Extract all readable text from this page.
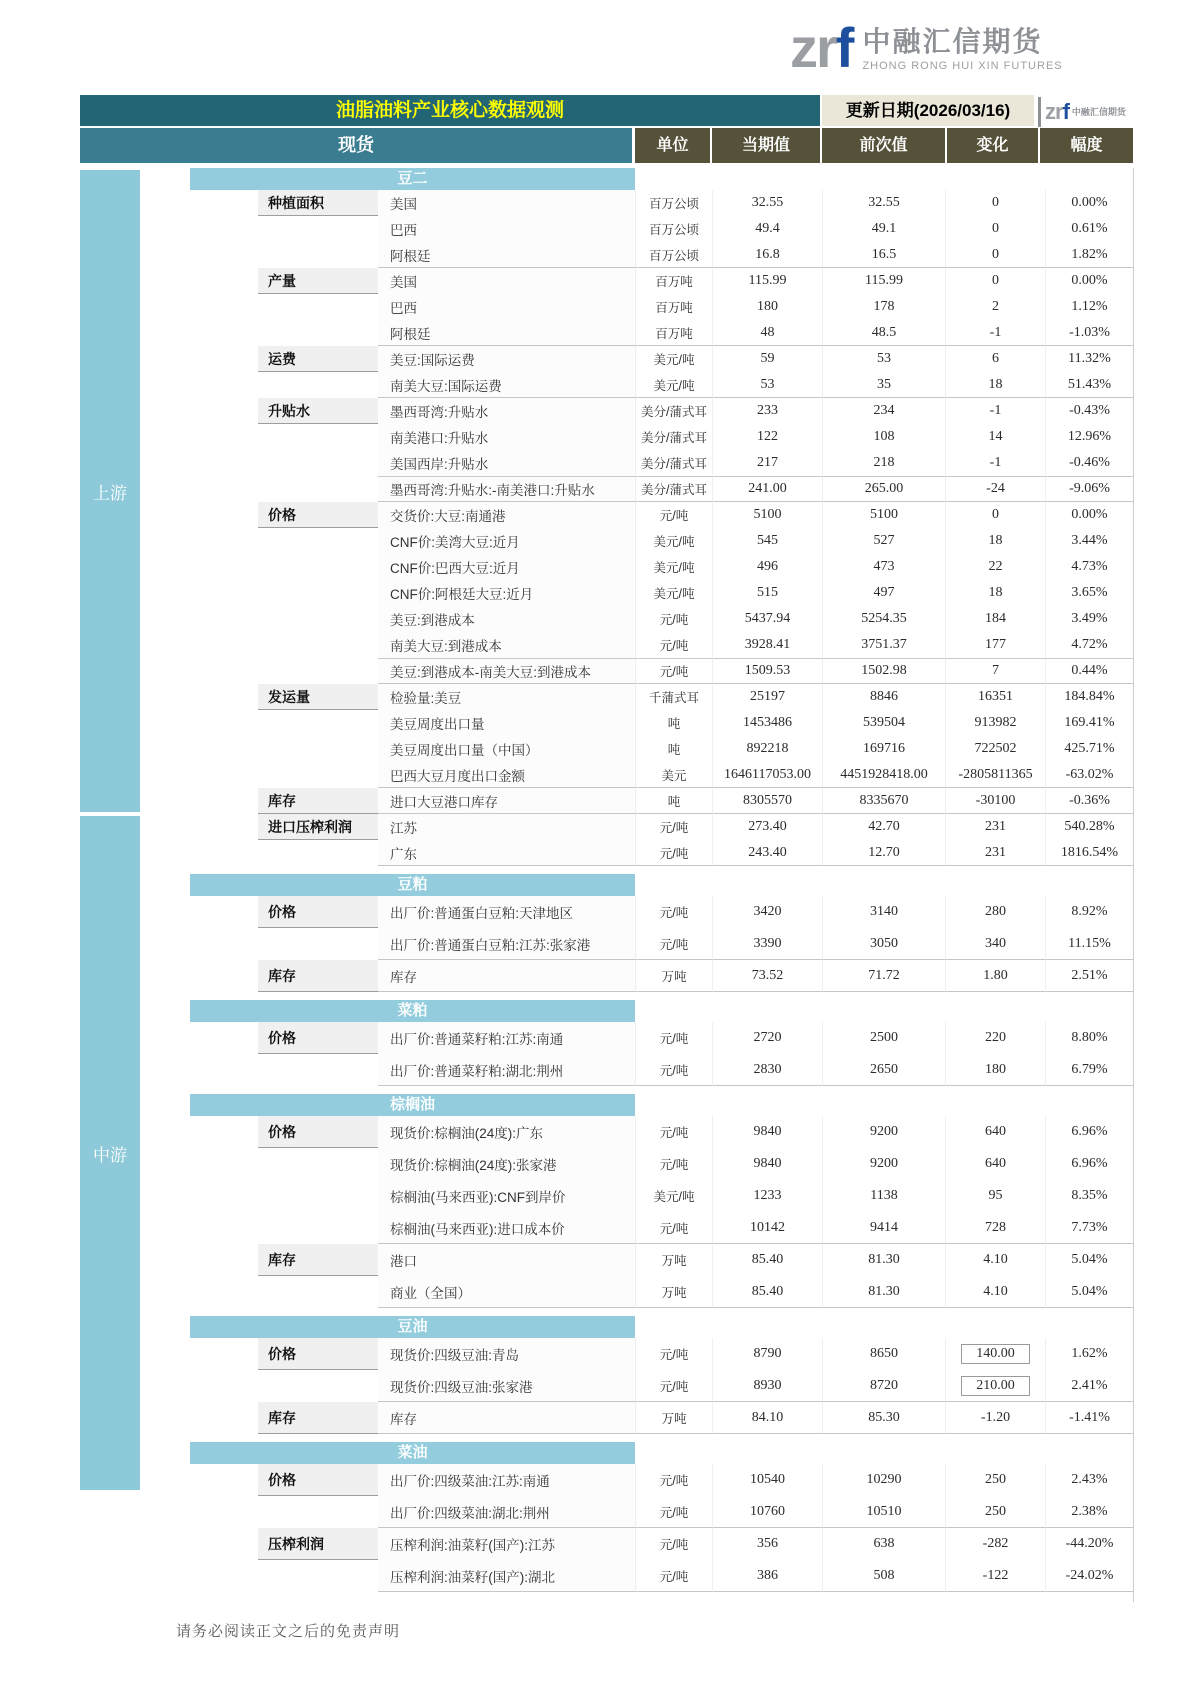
zrf 中融汇信期货
ZHONG RONG HUI XIN FUTURES
油脂油料产业核心数据观测	更新日期(2026/03/16)	zrf 中融汇信期货
现货	单位	当期值	前次值	变化	幅度
上游
中游
豆二
种植面积	美国	百万公顷	32.55	32.55	0	0.00%
巴西	百万公顷	49.4	49.1	0	0.61%
阿根廷	百万公顷	16.8	16.5	0	1.82%
产量	美国	百万吨	115.99	115.99	0	0.00%
巴西	百万吨	180	178	2	1.12%
阿根廷	百万吨	48	48.5	-1	-1.03%
运费	美豆:国际运费	美元/吨	59	53	6	11.32%
南美大豆:国际运费	美元/吨	53	35	18	51.43%
升贴水	墨西哥湾:升贴水	美分/蒲式耳	233	234	-1	-0.43%
南美港口:升贴水	美分/蒲式耳	122	108	14	12.96%
美国西岸:升贴水	美分/蒲式耳	217	218	-1	-0.46%
墨西哥湾:升贴水:-南美港口:升贴水	美分/蒲式耳	241.00	265.00	-24	-9.06%
价格	交货价:大豆:南通港	元/吨	5100	5100	0	0.00%
CNF价:美湾大豆:近月	美元/吨	545	527	18	3.44%
CNF价:巴西大豆:近月	美元/吨	496	473	22	4.73%
CNF价:阿根廷大豆:近月	美元/吨	515	497	18	3.65%
美豆:到港成本	元/吨	5437.94	5254.35	184	3.49%
南美大豆:到港成本	元/吨	3928.41	3751.37	177	4.72%
美豆:到港成本-南美大豆:到港成本	元/吨	1509.53	1502.98	7	0.44%
发运量	检验量:美豆	千蒲式耳	25197	8846	16351	184.84%
美豆周度出口量	吨	1453486	539504	913982	169.41%
美豆周度出口量（中国）	吨	892218	169716	722502	425.71%
巴西大豆月度出口金额	美元	1646117053.00	4451928418.00	-2805811365	-63.02%
库存	进口大豆港口库存	吨	8305570	8335670	-30100	-0.36%
进口压榨利润	江苏	元/吨	273.40	42.70	231	540.28%
广东	元/吨	243.40	12.70	231	1816.54%
豆粕
价格	出厂价:普通蛋白豆粕:天津地区	元/吨	3420	3140	280	8.92%
出厂价:普通蛋白豆粕:江苏:张家港	元/吨	3390	3050	340	11.15%
库存	库存	万吨	73.52	71.72	1.80	2.51%
菜粕
价格	出厂价:普通菜籽粕:江苏:南通	元/吨	2720	2500	220	8.80%
出厂价:普通菜籽粕:湖北:荆州	元/吨	2830	2650	180	6.79%
棕榈油
价格	现货价:棕榈油(24度):广东	元/吨	9840	9200	640	6.96%
现货价:棕榈油(24度):张家港	元/吨	9840	9200	640	6.96%
棕榈油(马来西亚):CNF到岸价	美元/吨	1233	1138	95	8.35%
棕榈油(马来西亚):进口成本价	元/吨	10142	9414	728	7.73%
库存	港口	万吨	85.40	81.30	4.10	5.04%
商业（全国）	万吨	85.40	81.30	4.10	5.04%
豆油
价格	现货价:四级豆油:青岛	元/吨	8790	8650	140.00	1.62%
现货价:四级豆油:张家港	元/吨	8930	8720	210.00	2.41%
库存	库存	万吨	84.10	85.30	-1.20	-1.41%
菜油
价格	出厂价:四级菜油:江苏:南通	元/吨	10540	10290	250	2.43%
出厂价:四级菜油:湖北:荆州	元/吨	10760	10510	250	2.38%
压榨利润	压榨利润:油菜籽(国产):江苏	元/吨	356	638	-282	-44.20%
压榨利润:油菜籽(国产):湖北	元/吨	386	508	-122	-24.02%
请务必阅读正文之后的免责声明
